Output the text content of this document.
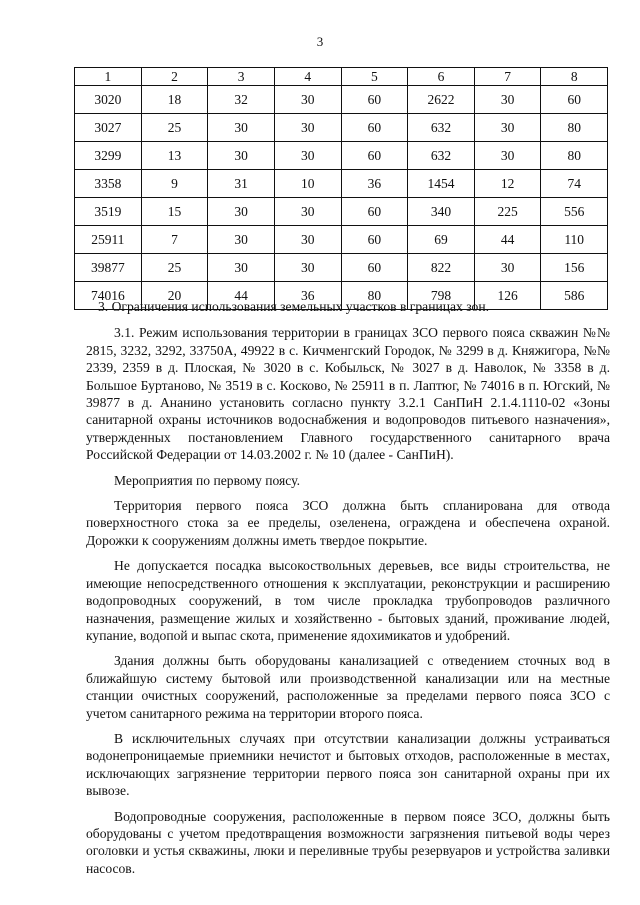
3
1	2	3	4	5	6	7	8
3020	18	32	30	60	2622	30	60
3027	25	30	30	60	632	30	80
3299	13	30	30	60	632	30	80
3358	9	31	10	36	1454	12	74
3519	15	30	30	60	340	225	556
25911	7	30	30	60	69	44	110
39877	25	30	30	60	822	30	156
74016	20	44	36	80	798	126	586

3. Ограничения использования земельных участков в границах зон.

3.1. Режим использования территории в границах ЗСО первого пояса скважин №№ 2815, 3232, 3292, 33750А, 49922 в с. Кичменгский Городок, № 3299 в д. Княжигора, №№ 2339, 2359 в д. Плоская, № 3020 в с. Кобыльск, № 3027 в д. Наволок, № 3358 в д. Большое Буртаново, № 3519 в с. Косково, № 25911 в п. Лаптюг, № 74016 в п. Югский, № 39877 в д. Ананино установить согласно пункту 3.2.1 СанПиН 2.1.4.1110-02 «Зоны санитарной охраны источников водоснабжения и водопроводов питьевого назначения», утвержденных постановлением Главного государственного санитарного врача Российской Федерации от 14.03.2002 г. № 10 (далее - СанПиН).

Мероприятия по первому поясу.

Территория первого пояса ЗСО должна быть спланирована для отвода поверхностного стока за ее пределы, озеленена, ограждена и обеспечена охраной. Дорожки к сооружениям должны иметь твердое покрытие.

Не допускается посадка высокоствольных деревьев, все виды строительства, не имеющие непосредственного отношения к эксплуатации, реконструкции и расширению водопроводных сооружений, в том числе прокладка трубопроводов различного назначения, размещение жилых и хозяйственно - бытовых зданий, проживание людей, купание, водопой и выпас скота, применение ядохимикатов и удобрений.

Здания должны быть оборудованы канализацией с отведением сточных вод в ближайшую систему бытовой или производственной канализации или на местные станции очистных сооружений, расположенные за пределами первого пояса ЗСО с учетом санитарного режима на территории второго пояса.

В исключительных случаях при отсутствии канализации должны устраиваться водонепроницаемые приемники нечистот и бытовых отходов, расположенные в местах, исключающих загрязнение территории первого пояса зон санитарной охраны при их вывозе.

Водопроводные сооружения, расположенные в первом поясе ЗСО, должны быть оборудованы с учетом предотвращения возможности загрязнения питьевой воды через оголовки и устья скважины, люки и переливные трубы резервуаров и устройства заливки насосов.
